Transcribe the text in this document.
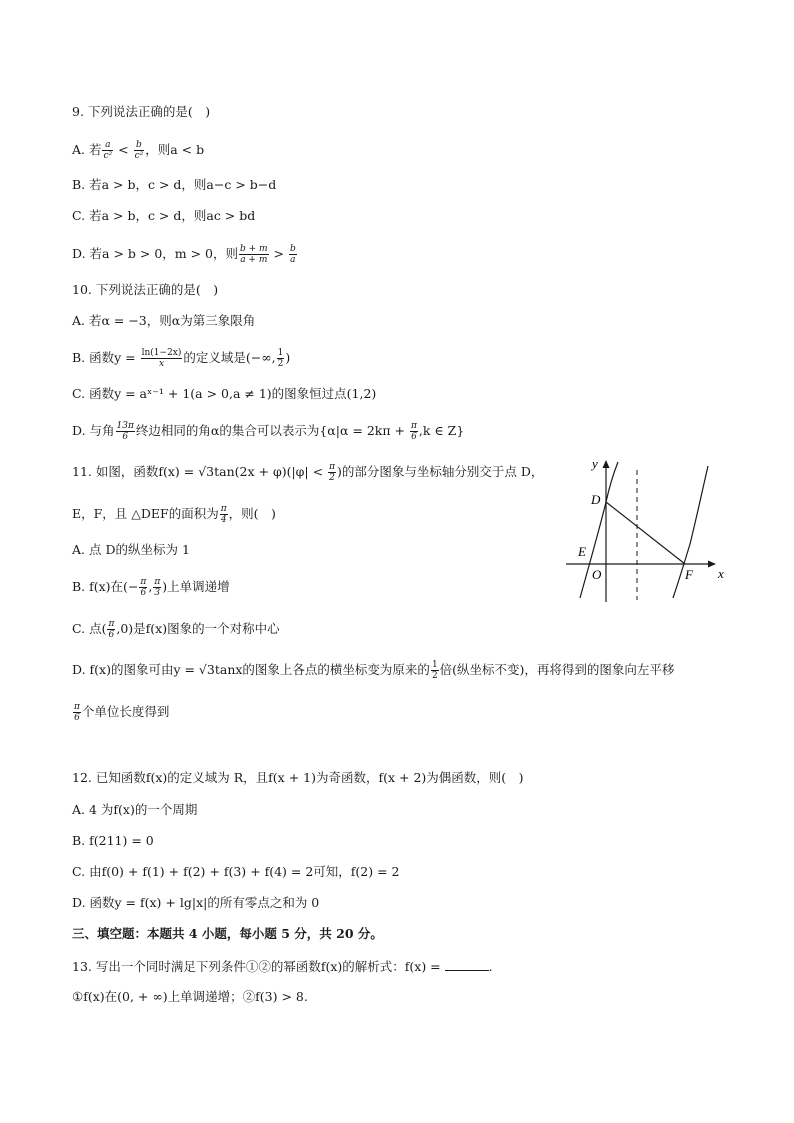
9. 下列说法正确的是(　)
A. 若 $\frac{a}{\text{c²}} < \frac{b}{\text{c²}}$ ，则a < b
B. 若a > b，c > d，则a−c > b−d
C. 若a > b，c > d，则ac > bd
D. 若a > b > 0，m > 0，则 $\frac{b + m}{a + m} > \frac{b}{a}$
10. 下列说法正确的是(　)
A. 若α = −3，则α为第三象限角
B. 函数$y = \frac{\ln(1-2x)}{x}$ 的定义域是(−∞, $\frac{1}{2}$ )
C. 函数y = aˣ⁻¹ + 1(a > 0,a ≠ 1)的图象恒过点(1,2)
D. 与角 $\frac{13\pi}{6}$ 终边相同的角α的集合可以表示为{$\alpha|\alpha = 2k\pi + \frac{\pi}{6} ,k$ ∈ Z}
11. 如图，函数$f(x) = √3\tan(2x + \varphi)(|\varphi| < \frac{\pi}{2}$ )的部分图象与坐标轴分别交于点 D，
E，F，且 △DEF的面积为 $\frac{\pi}{4}$ ，则(　)
A. 点 D的纵坐标为 1
B. f(x)在(− $\frac{\pi}{6}$ , $\frac{\pi}{3}$ )上单调递增
C. 点( $\frac{\pi}{6} ,0$)是f(x)图象的一个对称中心
D. f(x)的图象可由y = √3tanx的图象上各点的横坐标变为原来的 $\frac{1}{2}$ 倍(纵坐标不变)，再将得到的图象向左平移
$\frac{\pi}{6}$ 个单位长度得到
y
x
D
E
O	F
12. 已知函数f(x)的定义域为 R，且f(x + 1)为奇函数，f(x + 2)为偶函数，则(　)
A. 4 为f(x)的一个周期
B. f(211) = 0
C. 由f(0) + f(1) + f(2) + f(3) + f(4) = 2可知，f(2) = 2
D. 函数y = f(x) + lg|x|的所有零点之和为 0
三、填空题：本题共 4 小题，每小题 5 分，共 20 分。
13. 写出一个同时满足下列条件①②的幂函数f(x)的解析式：f(x) =	.
①f(x)在(0, + ∞)上单调递增；②f(3) > 8.
